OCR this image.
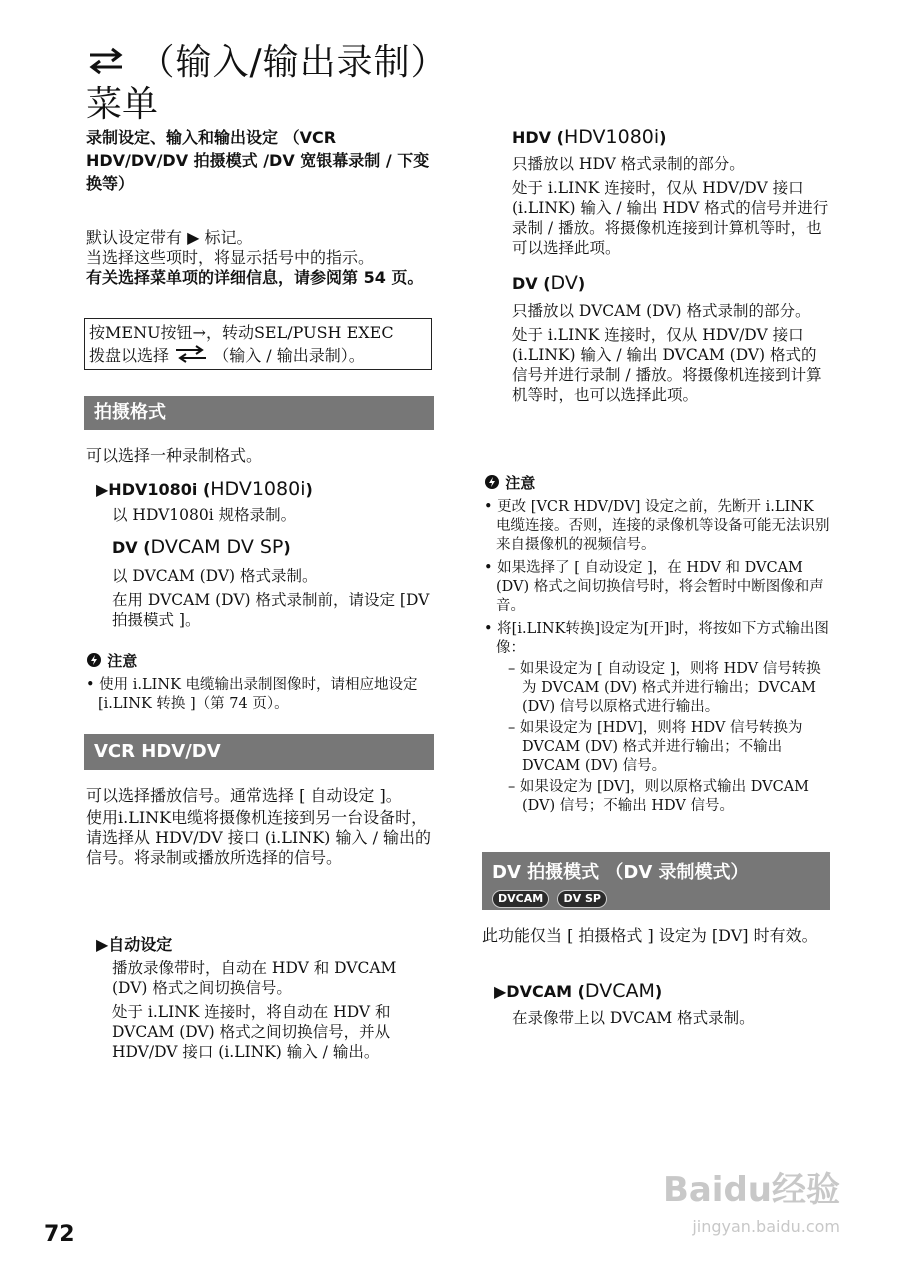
（输入/输出录制）
菜单
录制设定、输入和输出设定 （VCR HDV/DV/DV 拍摄模式 /DV 宽银幕录制 / 下变换等）
默认设定带有 ▶ 标记。
当选择这些项时，将显示括号中的指示。
有关选择菜单项的详细信息，请参阅第 54 页。
按MENU按钮→，转动SEL/PUSH EXEC
拨盘以选择	（输入 / 输出录制）。
拍摄格式
可以选择一种录制格式。
▶HDV1080i (HDV1080i)
以 HDV1080i 规格录制。
DV (DVCAM DV SP)
以 DVCAM (DV) 格式录制。
在用 DVCAM (DV) 格式录制前，请设定 [DV 拍摄模式 ]。
注意
• 使用 i.LINK 电缆输出录制图像时，请相应地设定 [i.LINK 转换 ]（第 74 页）。
VCR HDV/DV
可以选择播放信号。通常选择 [ 自动设定 ]。
使用i.LINK电缆将摄像机连接到另一台设备时，请选择从 HDV/DV 接口 (i.LINK) 输入 / 输出的信号。将录制或播放所选择的信号。
▶自动设定
播放录像带时，自动在 HDV 和 DVCAM (DV) 格式之间切换信号。
处于 i.LINK 连接时，将自动在 HDV 和 DVCAM (DV) 格式之间切换信号，并从 HDV/DV 接口 (i.LINK) 输入 / 输出。
HDV (HDV1080i)
只播放以 HDV 格式录制的部分。
处于 i.LINK 连接时，仅从 HDV/DV 接口 (i.LINK) 输入 / 输出 HDV 格式的信号并进行录制 / 播放。将摄像机连接到计算机等时，也可以选择此项。
DV (DV)
只播放以 DVCAM (DV) 格式录制的部分。
处于 i.LINK 连接时，仅从 HDV/DV 接口 (i.LINK) 输入 / 输出 DVCAM (DV) 格式的信号并进行录制 / 播放。将摄像机连接到计算机等时，也可以选择此项。
注意
• 更改 [VCR HDV/DV] 设定之前，先断开 i.LINK 电缆连接。否则，连接的录像机等设备可能无法识别来自摄像机的视频信号。
• 如果选择了 [ 自动设定 ]，在 HDV 和 DVCAM (DV) 格式之间切换信号时，将会暂时中断图像和声音。
• 将[i.LINK转换]设定为[开]时，将按如下方式输出图像：
– 如果设定为 [ 自动设定 ]，则将 HDV 信号转换为 DVCAM (DV) 格式并进行输出；DVCAM (DV) 信号以原格式进行输出。
– 如果设定为 [HDV]，则将 HDV 信号转换为 DVCAM (DV) 格式并进行输出；不输出 DVCAM (DV) 信号。
– 如果设定为 [DV]，则以原格式输出 DVCAM (DV) 信号；不输出 HDV 信号。
DV 拍摄模式 （DV 录制模式）
DVCAM DV SP
此功能仅当 [ 拍摄格式 ] 设定为 [DV] 时有效。
▶DVCAM (DVCAM)
在录像带上以 DVCAM 格式录制。
72
Baidu经验
jingyan.baidu.com
